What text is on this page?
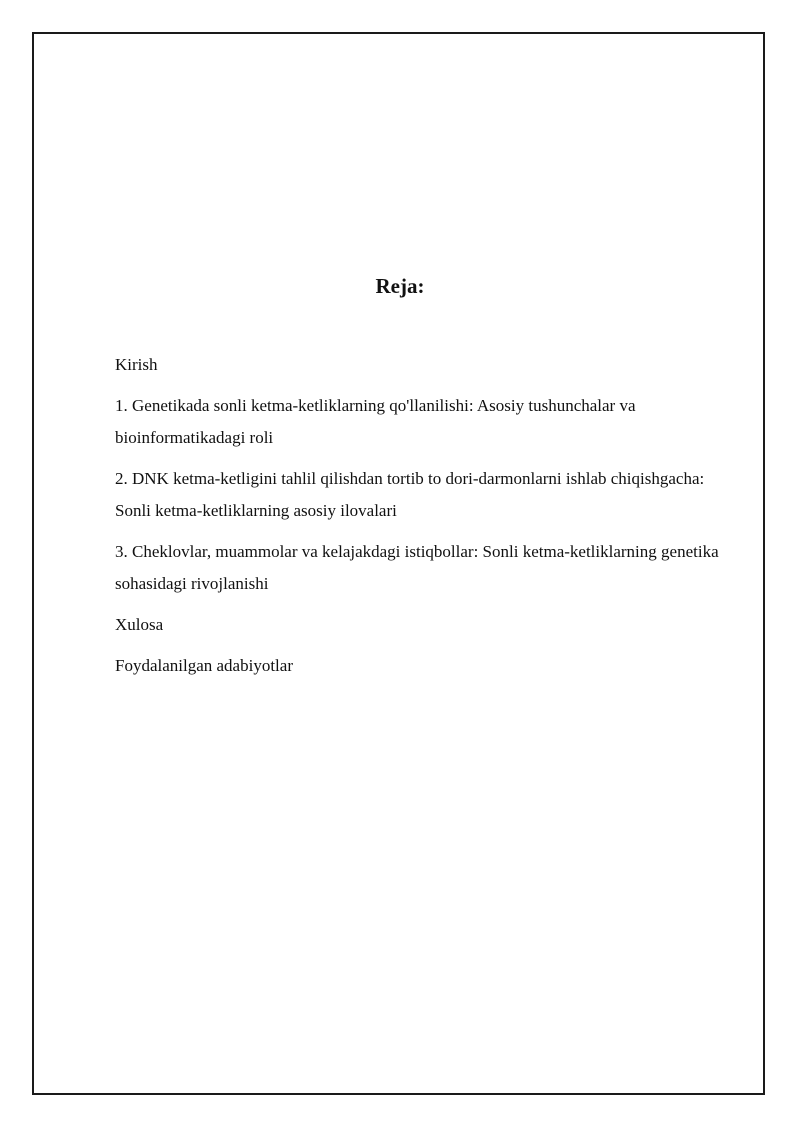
Reja:
Kirish
1. Genetikada sonli ketma-ketliklarning qo'llanilishi: Asosiy tushunchalar va bioinformatikadagi roli
2. DNK ketma-ketligini tahlil qilishdan tortib to dori-darmonlarni ishlab chiqishgacha: Sonli ketma-ketliklarning asosiy ilovalari
3. Cheklovlar, muammolar va kelajakdagi istiqbollar: Sonli ketma-ketliklarning genetika sohasidagi rivojlanishi
Xulosa
Foydalanilgan adabiyotlar
